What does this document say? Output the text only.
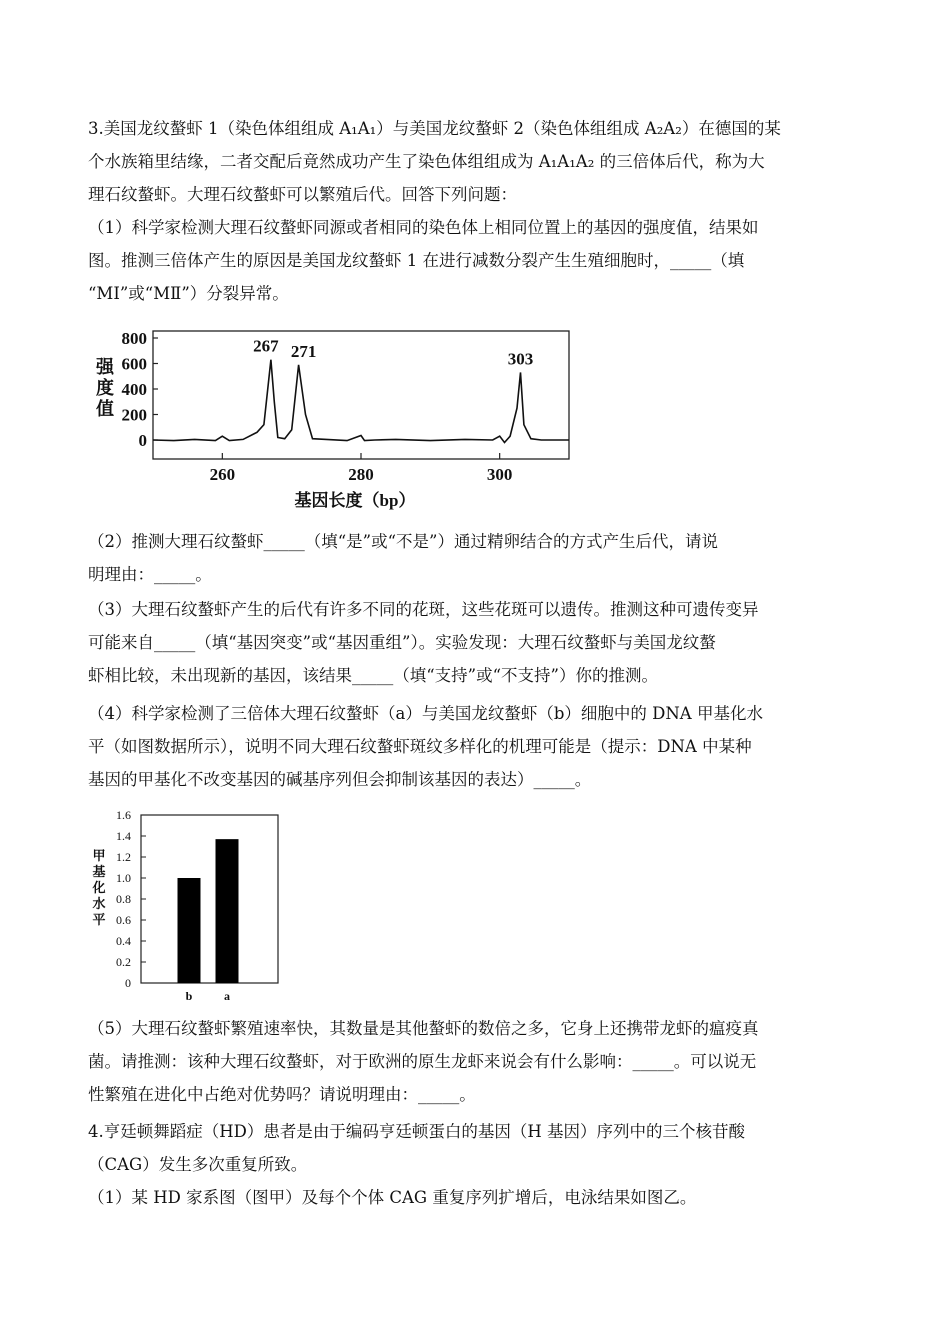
3.美国龙纹螯虾 1（染色体组组成 A₁A₁）与美国龙纹螯虾 2（染色体组组成 A₂A₂）在德国的某
个水族箱里结缘，二者交配后竟然成功产生了染色体组组成为 A₁A₁A₂ 的三倍体后代，称为大
理石纹螯虾。大理石纹螯虾可以繁殖后代。回答下列问题：
（1）科学家检测大理石纹螯虾同源或者相同的染色体上相同位置上的基因的强度值，结果如
图。推测三倍体产生的原因是美国龙纹螯虾 1 在进行减数分裂产生生殖细胞时，_____（填
“MI”或“MⅡ”）分裂异常。
强
度
值
0
200
400
600
800
260	280	300
267 271	303
基因长度（bp）
（2）推测大理石纹螯虾_____（填“是”或“不是”）通过精卵结合的方式产生后代，请说
明理由：_____。
（3）大理石纹螯虾产生的后代有许多不同的花斑，这些花斑可以遗传。推测这种可遗传变异
可能来自_____（填“基因突变”或“基因重组”）。实验发现：大理石纹螯虾与美国龙纹螯
虾相比较，未出现新的基因，该结果_____（填“支持”或“不支持”）你的推测。
（4）科学家检测了三倍体大理石纹螯虾（a）与美国龙纹螯虾（b）细胞中的 DNA 甲基化水
平（如图数据所示），说明不同大理石纹螯虾斑纹多样化的机理可能是（提示：DNA 中某种
基因的甲基化不改变基因的碱基序列但会抑制该基因的表达）_____。
甲
基
化
水
平
0
0.2
0.4
0.6
0.8
1.0
1.2
1.4
1.6
b	a
（5）大理石纹螯虾繁殖速率快，其数量是其他螯虾的数倍之多，它身上还携带龙虾的瘟疫真
菌。请推测：该种大理石纹螯虾，对于欧洲的原生龙虾来说会有什么影响：_____。可以说无
性繁殖在进化中占绝对优势吗？请说明理由：_____。
4.亨廷顿舞蹈症（HD）患者是由于编码亨廷顿蛋白的基因（H 基因）序列中的三个核苷酸
（CAG）发生多次重复所致。
（1）某 HD 家系图（图甲）及每个个体 CAG 重复序列扩增后，电泳结果如图乙。
